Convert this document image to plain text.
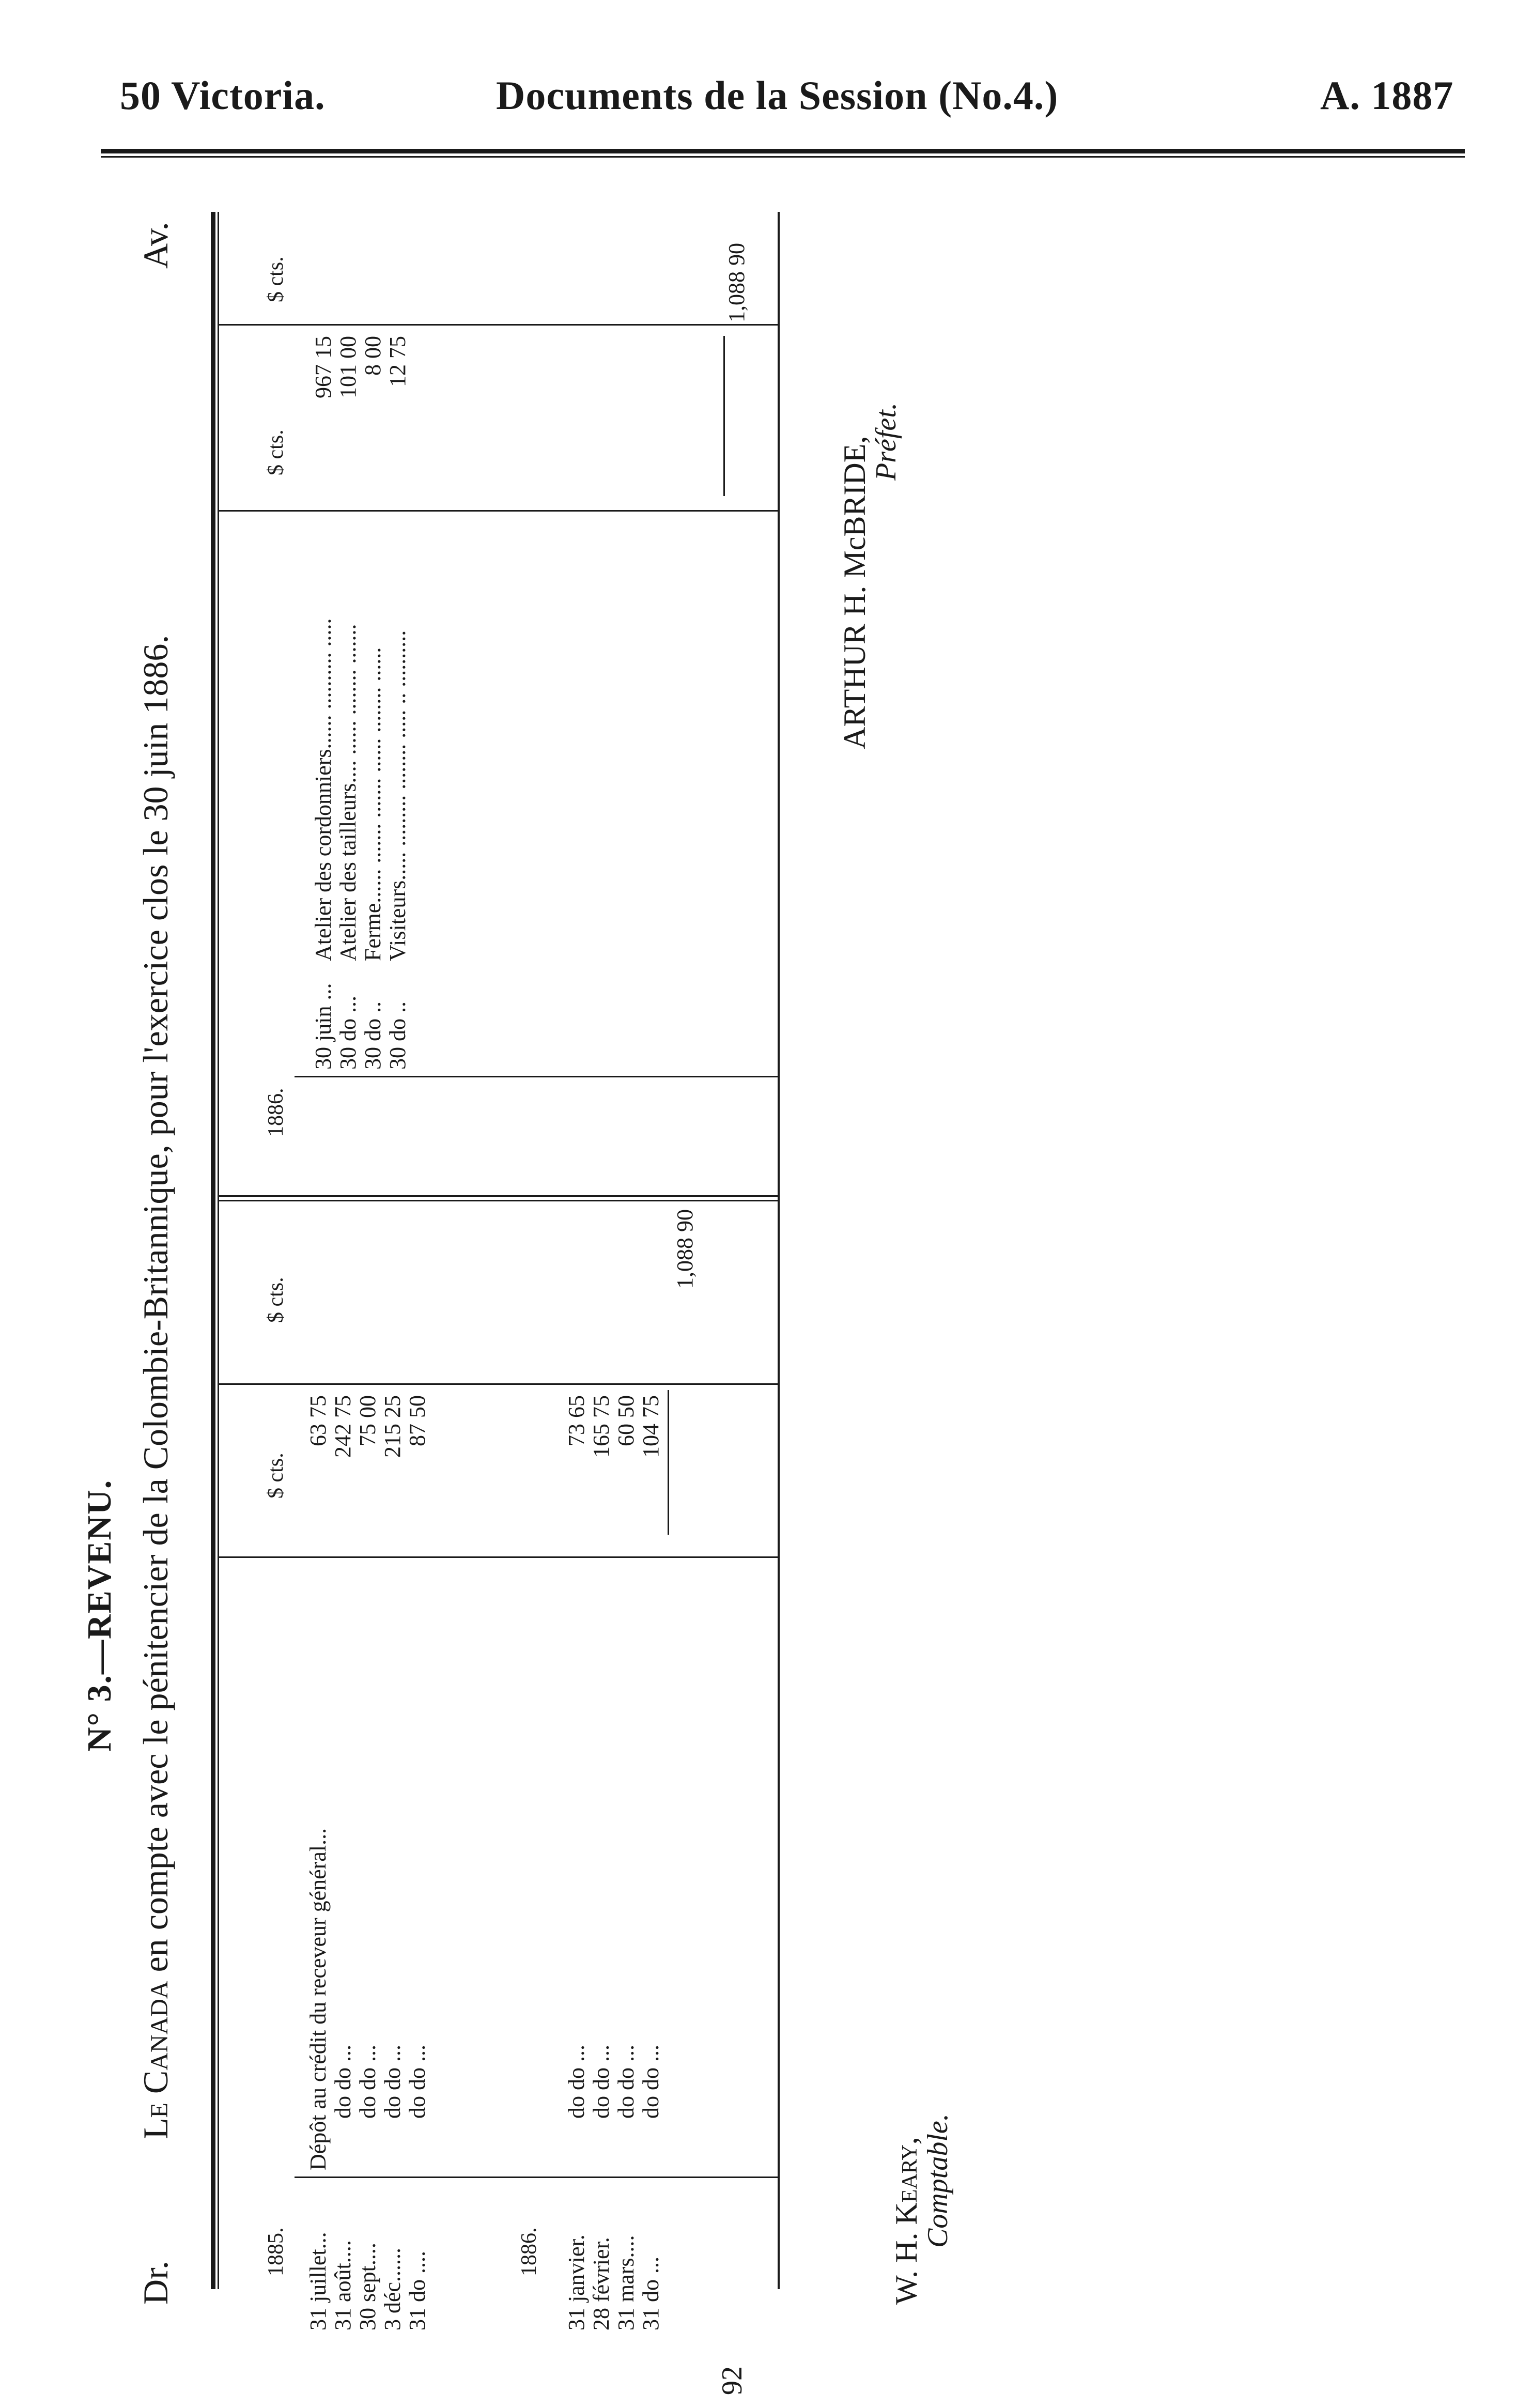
50 Victoria.	Documents de la Session (No.4.)	A. 1887
92
N° 3.—REVENU.
Dr.
Le Canada en compte avec le pénitencier de la Colombie-Britannique, pour l'exercice clos le 30 juin 1886.
Av.
1885.
$ cts.
$ cts.
1886.
$ cts.
$ cts.
31 juillet...
Dépôt au crédit du receveur général...
63 75
31 août....
do do ...
242 75
30 sept....
do do ...
75 00
3 déc......
do do ...
215 25
31 do ....
do do ...
87 50
1886. 31 janvier.
do do ...
73 65
28 février.
do do ...
165 75
31 mars....
do do ...
60 50
31 do ...
do do ...
104 75
1,088 90
30 juin ...
Atelier des cordonniers...... .......... .....
967 15
30 do ...
Atelier des tailleurs.... ...... ........ .......
101 00
30 do ..
Ferme...... ....... ....... ...... ........ ......
8 00
30 do ..
Visiteurs..... ......... ........ ..... .. ..........
12 75
1,088 90
W. H. Keary,
Comptable.
ARTHUR H. McBRIDE,
Préfet.
